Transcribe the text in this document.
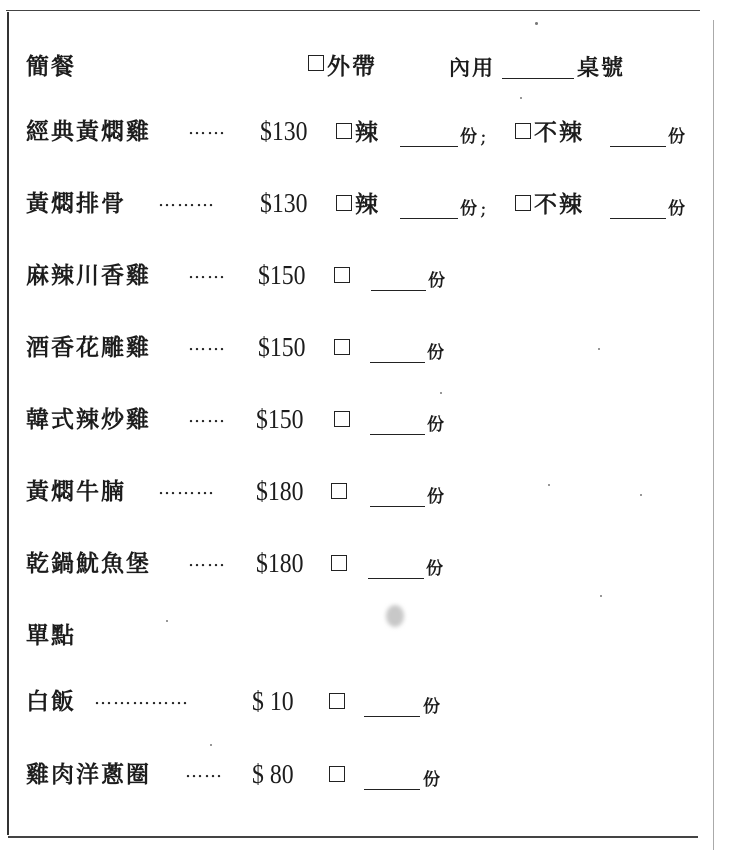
簡餐	外帶	內用	桌號
經典黃燜雞 …… $130 辣	份 ; 不辣	份
黃燜排骨 ……… $130 辣	份 ; 不辣	份
麻辣川香雞 …… $150	份
酒香花雕雞 …… $150	份
韓式辣炒雞 …… $150	份
黃燜牛腩 ……… $180	份
乾鍋魷魚堡 …… $180	份
單點
白飯 …………… $ 10	份
雞肉洋蔥圈 …… $ 80	份
